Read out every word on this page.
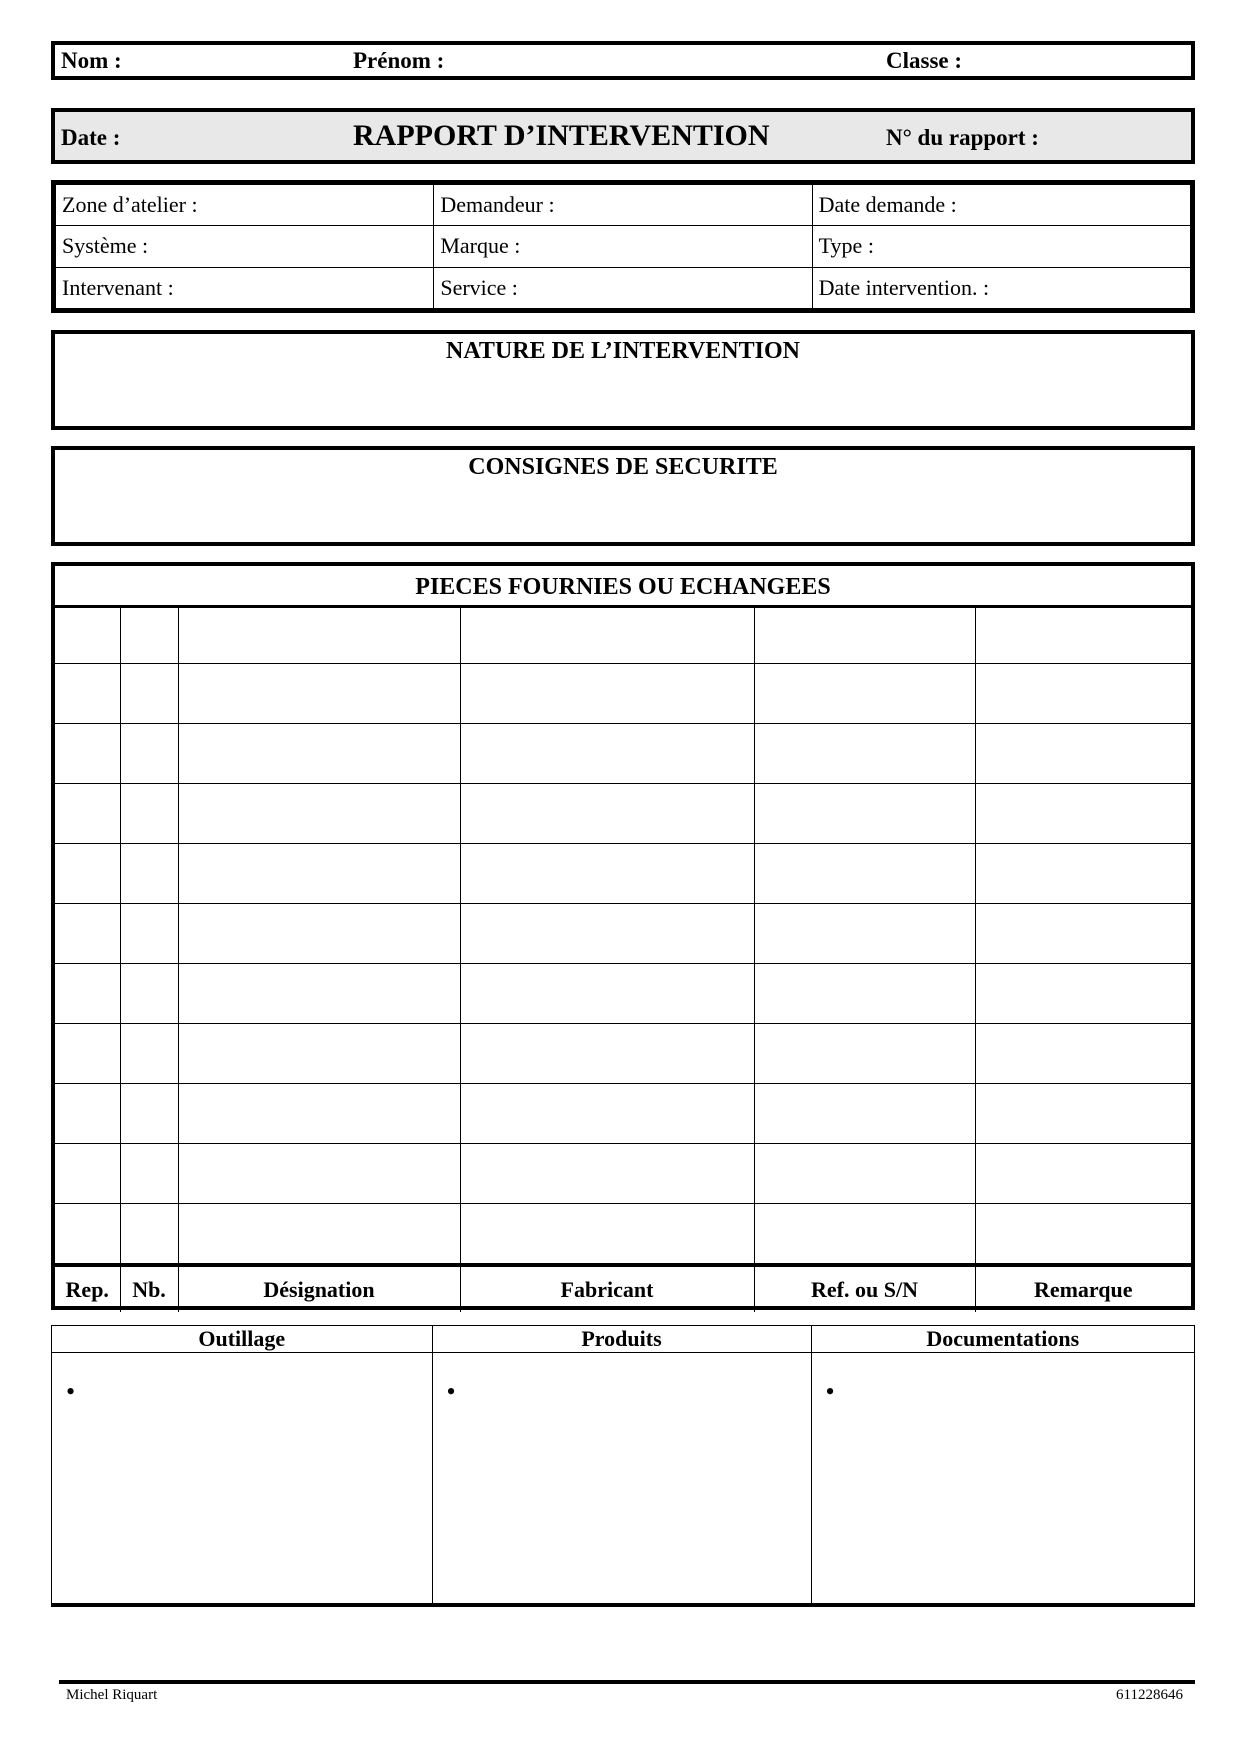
Nom :	Prénom :	Classe :
Date :	RAPPORT D’INTERVENTION	N° du rapport :
Zone d’atelier :	Demandeur :	Date demande :
Système :	Marque :	Type :
Intervenant :	Service :	Date intervention. :
NATURE DE L’INTERVENTION
CONSIGNES DE SECURITE
PIECES FOURNIES OU ECHANGEES

Rep.	Nb.	Désignation	Fabricant	Ref. ou S/N	Remarque
Outillage	Produits	Documentations

•	•	•
Michel Riquart	611228646
